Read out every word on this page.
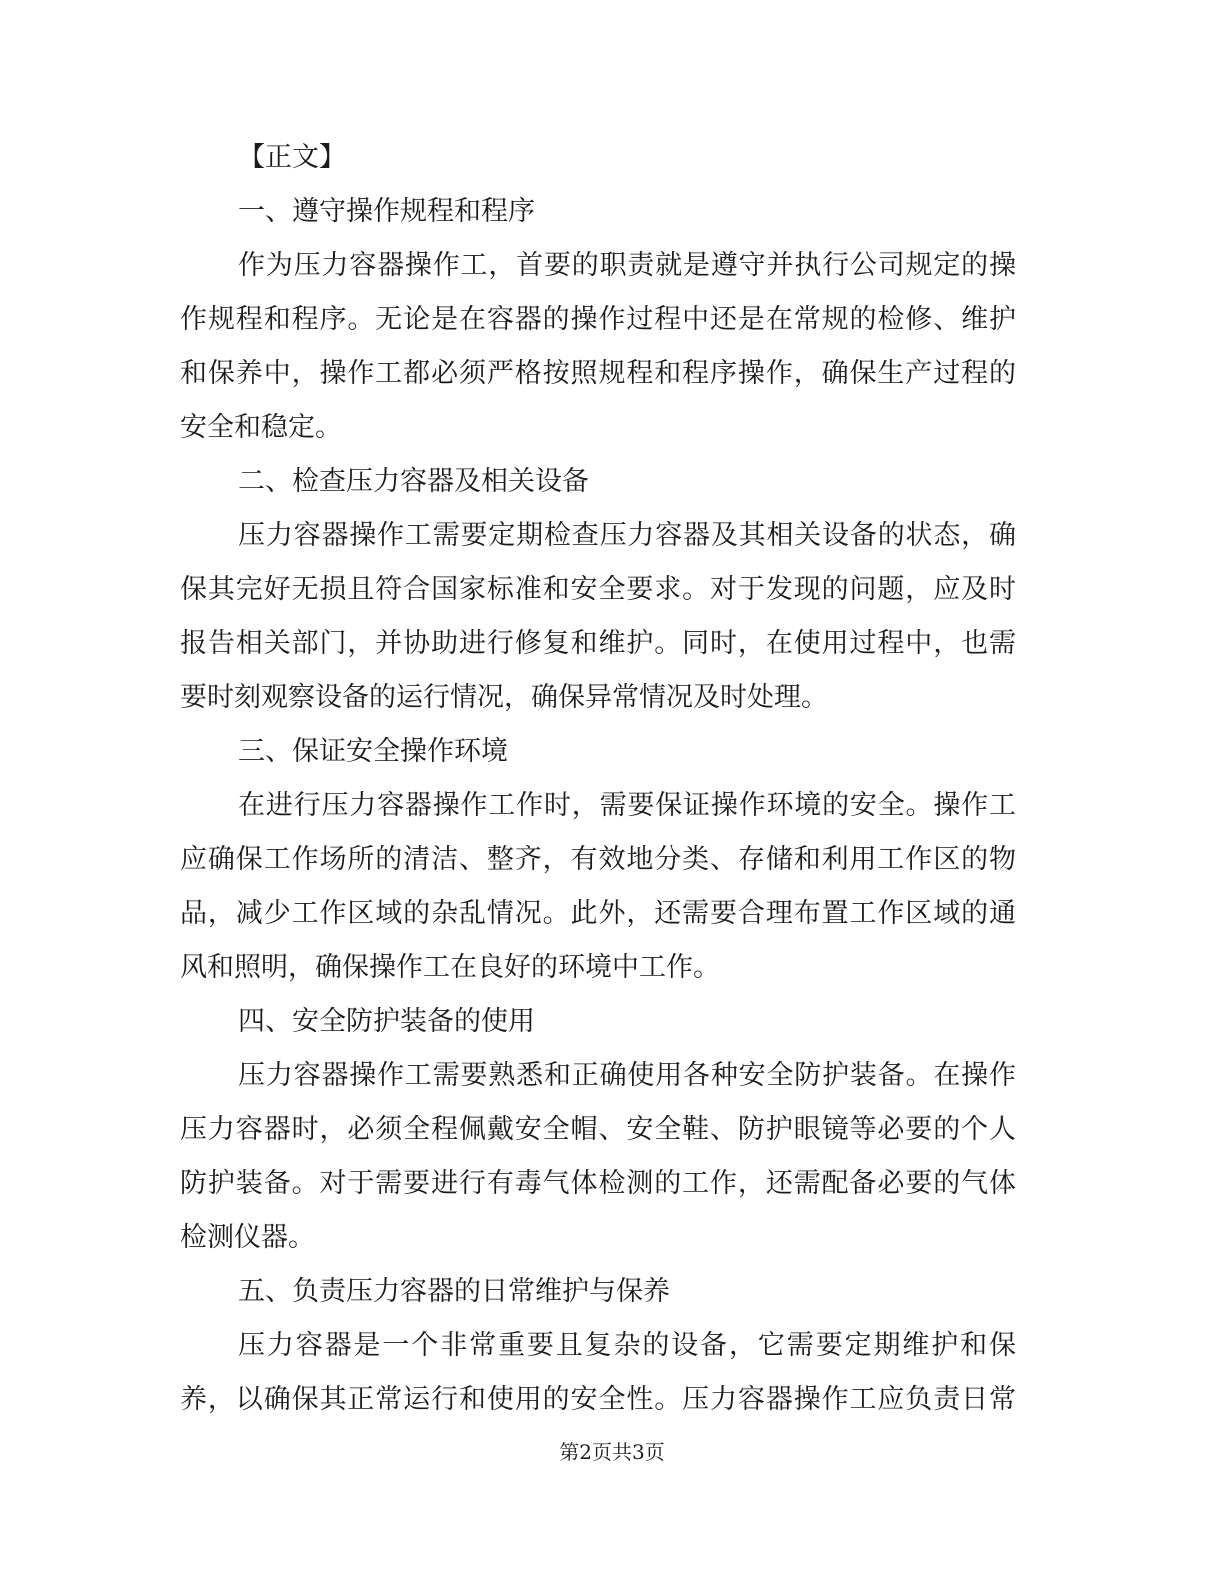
【正文】
一、遵守操作规程和程序
作为压力容器操作工，首要的职责就是遵守并执行公司规定的操
作规程和程序。无论是在容器的操作过程中还是在常规的检修、维护
和保养中，操作工都必须严格按照规程和程序操作，确保生产过程的
安全和稳定。
二、检查压力容器及相关设备
压力容器操作工需要定期检查压力容器及其相关设备的状态，确
保其完好无损且符合国家标准和安全要求。对于发现的问题，应及时
报告相关部门，并协助进行修复和维护。同时，在使用过程中，也需
要时刻观察设备的运行情况，确保异常情况及时处理。
三、保证安全操作环境
在进行压力容器操作工作时，需要保证操作环境的安全。操作工
应确保工作场所的清洁、整齐，有效地分类、存储和利用工作区的物
品，减少工作区域的杂乱情况。此外，还需要合理布置工作区域的通
风和照明，确保操作工在良好的环境中工作。
四、安全防护装备的使用
压力容器操作工需要熟悉和正确使用各种安全防护装备。在操作
压力容器时，必须全程佩戴安全帽、安全鞋、防护眼镜等必要的个人
防护装备。对于需要进行有毒气体检测的工作，还需配备必要的气体
检测仪器。
五、负责压力容器的日常维护与保养
压力容器是一个非常重要且复杂的设备，它需要定期维护和保
养，以确保其正常运行和使用的安全性。压力容器操作工应负责日常
第2页共3页
